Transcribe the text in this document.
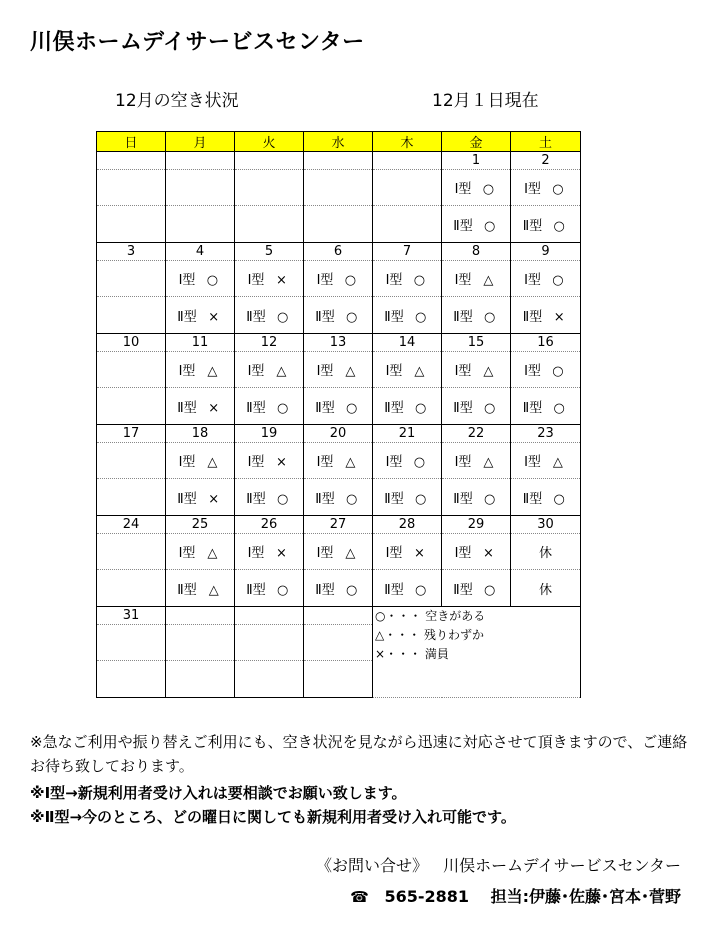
川俣ホームデイサービスセンター
12月の空き状況	12月１日現在
日	月	火	水	木	金	土
					1	2
					Ⅰ型 ○	Ⅰ型 ○
					Ⅱ型 ○	Ⅱ型 ○
3	4	5	6	7	8	9
	Ⅰ型 ○	Ⅰ型 ×	Ⅰ型 ○	Ⅰ型 ○	Ⅰ型 △	Ⅰ型 ○
	Ⅱ型 ×	Ⅱ型 ○	Ⅱ型 ○	Ⅱ型 ○	Ⅱ型 ○	Ⅱ型 ×
10	11	12	13	14	15	16
	Ⅰ型 △	Ⅰ型 △	Ⅰ型 △	Ⅰ型 △	Ⅰ型 △	Ⅰ型 ○
	Ⅱ型 ×	Ⅱ型 ○	Ⅱ型 ○	Ⅱ型 ○	Ⅱ型 ○	Ⅱ型 ○
17	18	19	20	21	22	23
	Ⅰ型 △	Ⅰ型 ×	Ⅰ型 △	Ⅰ型 ○	Ⅰ型 △	Ⅰ型 △
	Ⅱ型 ×	Ⅱ型 ○	Ⅱ型 ○	Ⅱ型 ○	Ⅱ型 ○	Ⅱ型 ○
24	25	26	27	28	29	30
	Ⅰ型 △	Ⅰ型 ×	Ⅰ型 △	Ⅰ型 ×	Ⅰ型 ×	休
	Ⅱ型 △	Ⅱ型 ○	Ⅱ型 ○	Ⅱ型 ○	Ⅱ型 ○	休
31				○・・・ 空きがある
△・・・ 残りわずか
×・・・ 満員		

※急なご利用や振り替えご利用にも、空き状況を見ながら迅速に対応させて頂きますので、ご連絡お待ち致しております。
※Ⅰ型→新規利用者受け入れは要相談でお願い致します。
※Ⅱ型→今のところ、どの曜日に関しても新規利用者受け入れ可能です。
《お問い合せ》 川俣ホームデイサービスセンター
☎ 565-2881 担当:伊藤･佐藤･宮本･菅野
